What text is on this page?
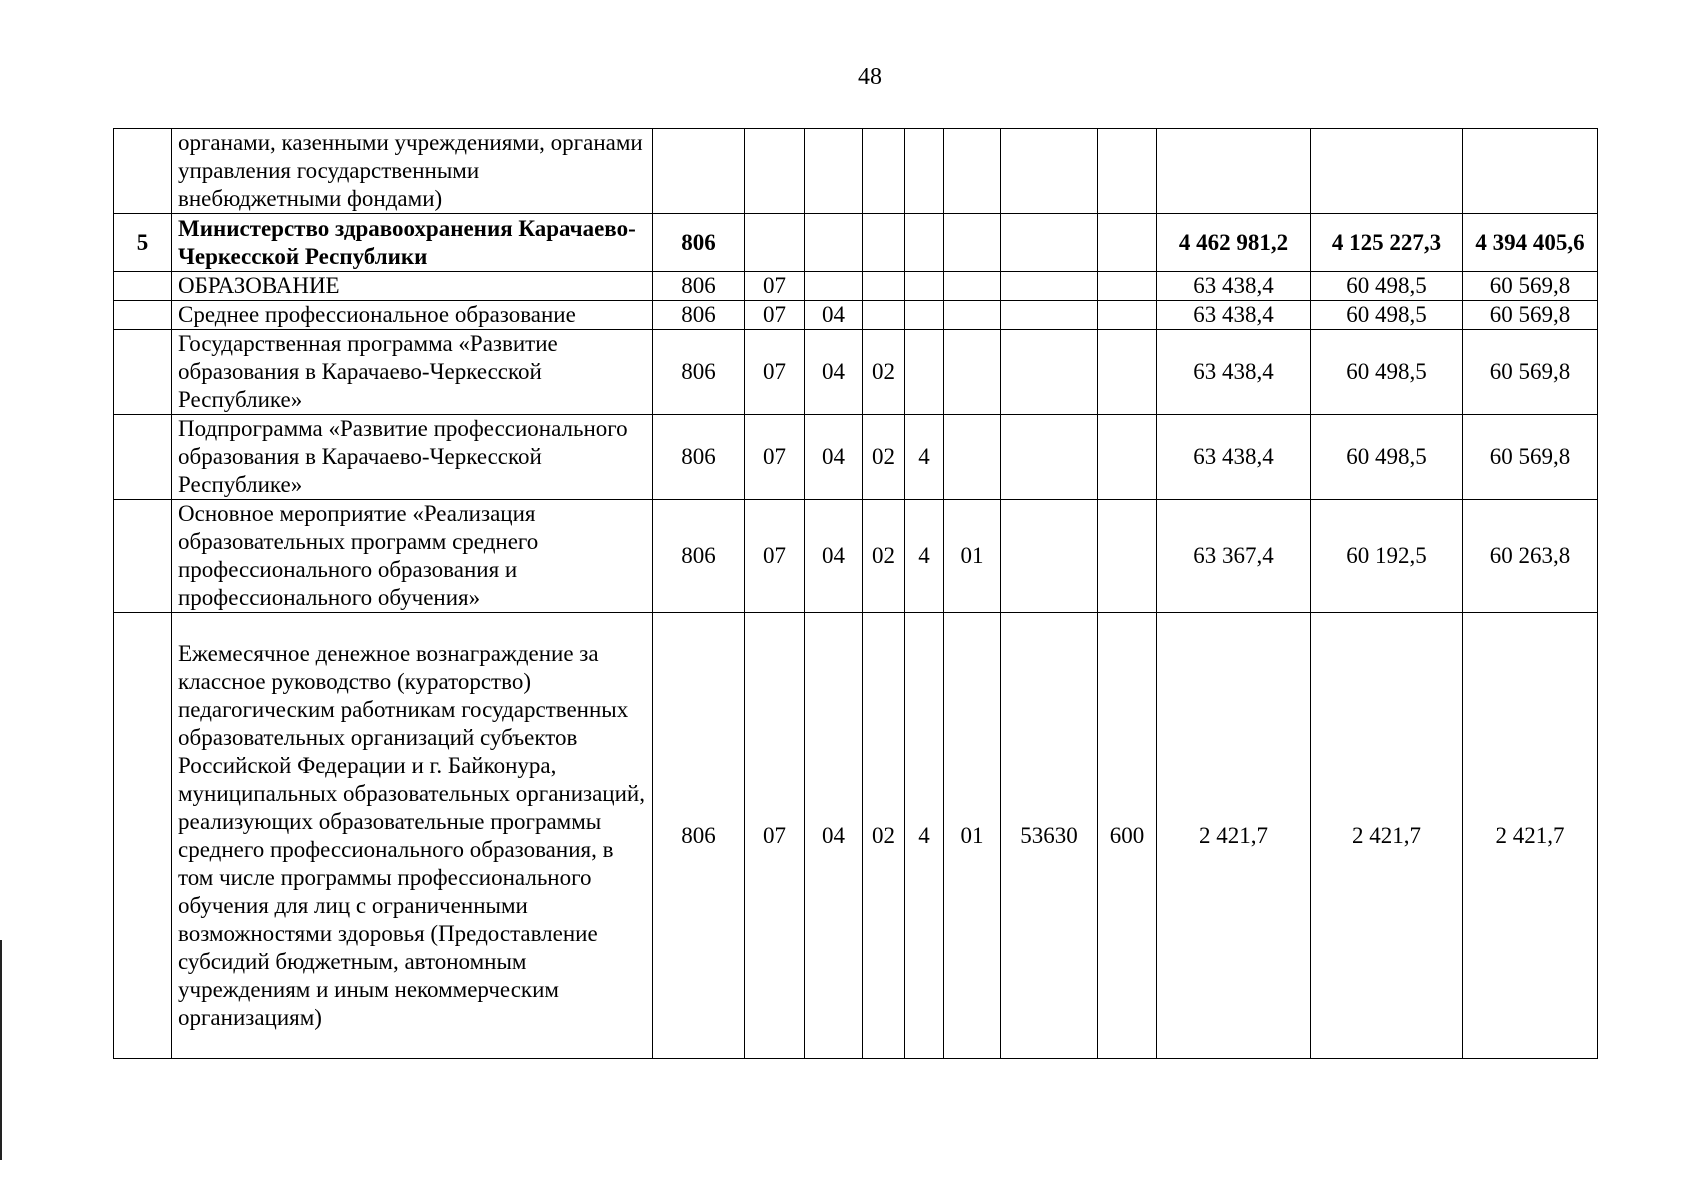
48
	органами, казенными учреждениями, органами управления государственными внебюджетными фондами)											
5	Министерство здравоохранения Карачаево-Черкесской Республики	806								4 462 981,2	4 125 227,3	4 394 405,6
	ОБРАЗОВАНИЕ	806	07							63 438,4	60 498,5	60 569,8
	Среднее профессиональное образование	806	07	04						63 438,4	60 498,5	60 569,8
	Государственная программа «Развитие образования в Карачаево-Черкесской Республике»	806	07	04	02					63 438,4	60 498,5	60 569,8
	Подпрограмма «Развитие профессионального образования в Карачаево-Черкесской Республике»	806	07	04	02	4				63 438,4	60 498,5	60 569,8
	Основное мероприятие «Реализация образовательных программ среднего профессионального образования и профессионального обучения»	806	07	04	02	4	01			63 367,4	60 192,5	60 263,8
	Ежемесячное денежное вознаграждение за классное руководство (кураторство) педагогическим работникам государственных образовательных организаций субъектов Российской Федерации и г. Байконура, муниципальных образовательных организаций, реализующих образовательные программы среднего профессионального образования, в том числе программы профессионального обучения для лиц с ограниченными возможностями здоровья (Предоставление субсидий бюджетным, автономным учреждениям и иным некоммерческим организациям)	806	07	04	02	4	01	53630	600	2 421,7	2 421,7	2 421,7
